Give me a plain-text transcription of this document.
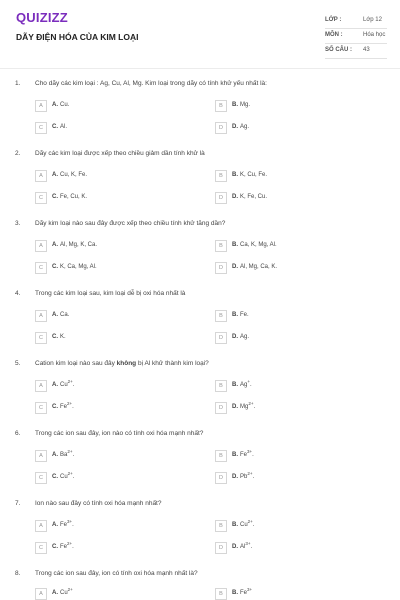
QUIZIZZ
DÃY ĐIỆN HÓA CỦA KIM LOẠI
LỚP :	Lớp 12
MÔN :	Hóa học
SỐ CÂU : 43
1. Cho dãy các kim loại : Ag, Cu, Al, Mg. Kim loại trong dãy có tính khử yếu nhất là:
A	A. Cu.	B	B. Mg.
C	C. Al.	D	D. Ag.
2. Dãy các kim loại được xếp theo chiều giảm dần tính khử là
A	A. Cu, K, Fe.	B	B. K, Cu, Fe.
C	C. Fe, Cu, K.	D	D. K, Fe, Cu.
3. Dãy kim loại nào sau đây được xếp theo chiều tính khử tăng dần?
A	A. Al, Mg, K, Ca.	B	B. Ca, K, Mg, Al.
C	C. K, Ca, Mg, Al.	D	D. Al, Mg, Ca, K.
4. Trong các kim loại sau, kim loại dễ bị oxi hóa nhất là
A	A. Ca.	B	B. Fe.
C	C. K.	D	D. Ag.
5. Cation kim loại nào sau đây không bị Al khử thành kim loại?
A	A. $Cu^{2+}$.	B	B. Ag+.
C	C. $Fe^{2+}$.	D	D. $Mg^{2+}$.
6. Trong các ion sau đây, ion nào có tính oxi hóa mạnh nhất?
A	A. $Ba^{2+}$.	B	B. $Fe^{3+}$.
C	C. $Cu^{2+}$.	D	D. $Pb^{2+}$.
7. Ion nào sau đây có tính oxi hóa mạnh nhất?
A	A. $Fe^{3+}$.	B	B. $Cu^{2+}$.
C	C. $Fe^{2+}$.	D	D. $Al^{3+}$.
8. Trong các ion sau đây, ion có tính oxi hóa mạnh nhất là?
A	A. $Cu^{2+}$
B	B. $Fe^{3+}$
